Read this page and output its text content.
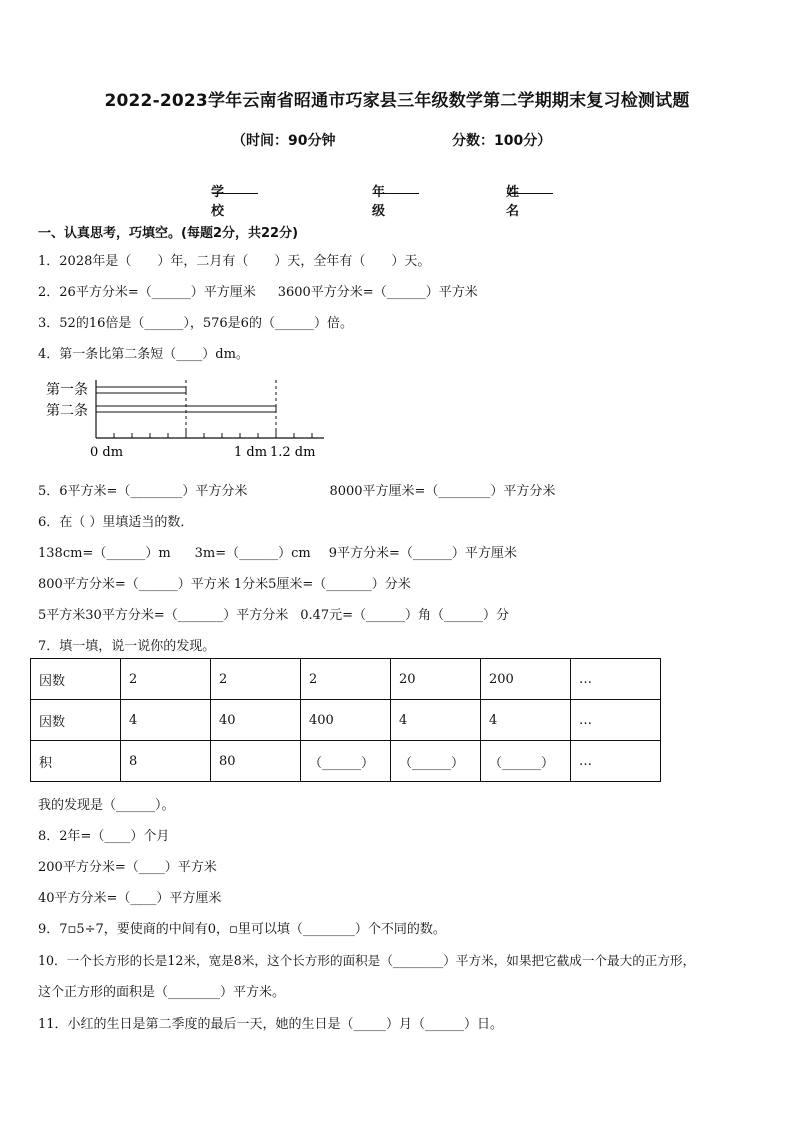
2022-2023学年云南省昭通市巧家县三年级数学第二学期期末复习检测试题
（时间：90分钟	分数：100分）
学校
年级
姓名
一、认真思考，巧填空。(每题2分，共22分)
1．2028年是（　　）年，二月有（　　）天，全年有（　　）天。
2．26平方分米=（______）平方厘米 3600平方分米=（______）平方米
3．52的16倍是（______），576是6的（______）倍。
4．第一条比第二条短（____）dm。
第一条
第二条
0 dm	1 dm 1.2 dm
5．6平方米=（________）平方分米	8000平方厘米=（________）平方分米
6．在（ ）里填适当的数．
138cm=（______）m 3m=（______）cm 9平方分米=（______）平方厘米
800平方分米=（______）平方米 1分米5厘米=（_______）分米
5平方米30平方分米=（_______）平方分米 0.47元=（______）角（______）分
7．填一填，说一说你的发现。
因数	2	2	2	20	200	…
因数	4	40	400	4	4	…
积	8	80	（______）	（______）	（______）	…
我的发现是（______）。
8．2年=（____）个月
200平方分米=（____）平方米
40平方分米=（____）平方厘米
9．7▫5÷7，要使商的中间有0，▫里可以填（________）个不同的数。
10．一个长方形的长是12米，宽是8米，这个长方形的面积是（________）平方米，如果把它截成一个最大的正方形，
这个正方形的面积是（________）平方米。
11．小红的生日是第二季度的最后一天，她的生日是（_____）月（______）日。
